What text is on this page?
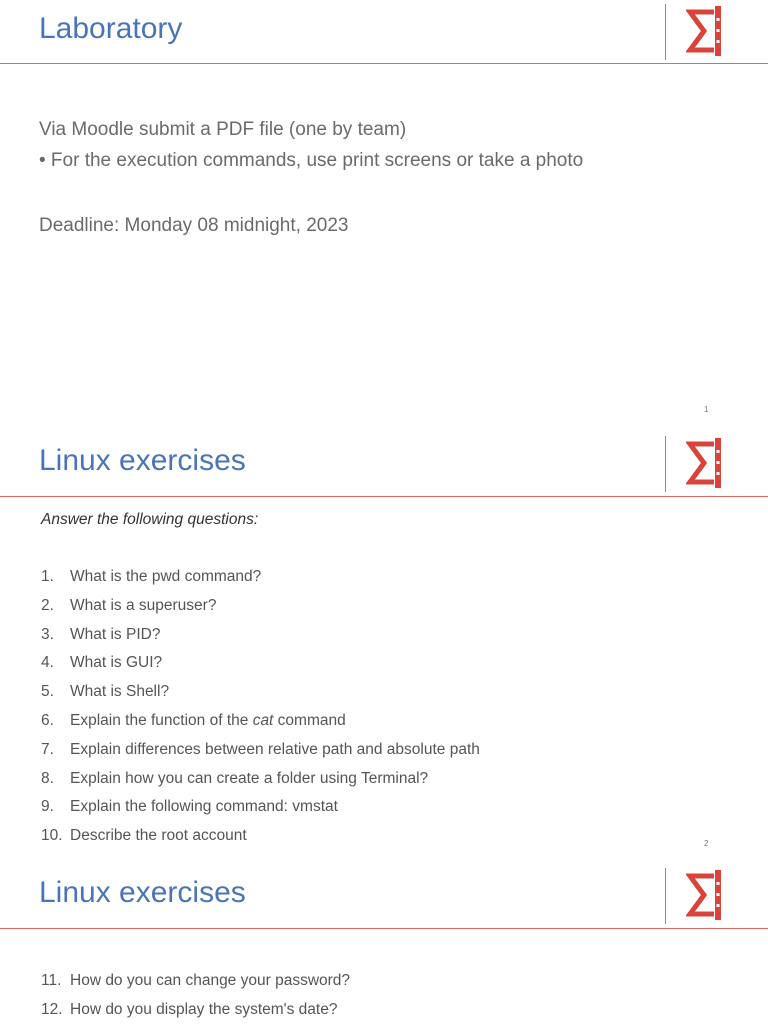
Laboratory
Via Moodle submit a PDF file (one by team)
• For the execution commands, use print screens or take a photo
Deadline: Monday 08 midnight, 2023
1
Linux exercises
Answer the following questions:
1. What is the pwd command?
2. What is a superuser?
3. What is PID?
4. What is GUI?
5. What is Shell?
6. Explain the function of the cat command
7. Explain differences between relative path and absolute path
8. Explain how you can create a folder using Terminal?
9. Explain the following command: vmstat
10. Describe the root account	2
Linux exercises
11. How do you can change your password?
12. How do you display the system's date?
